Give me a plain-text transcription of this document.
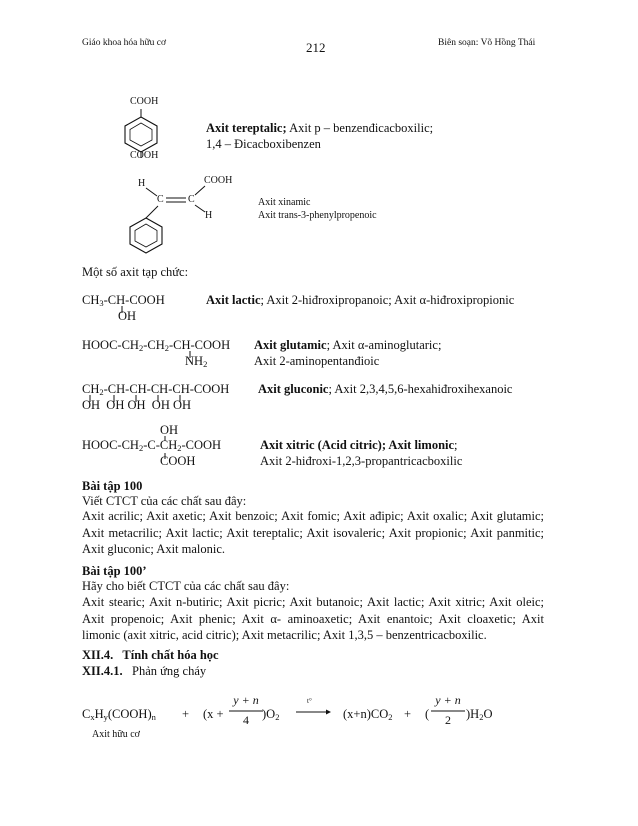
Giáo khoa hóa hữu cơ	212	Biên soạn: Võ Hồng Thái
COOH
COOH
Axit tereptalic; Axit p – benzenđicacboxilic;
1,4 – Đicacboxibenzen
H	COOH
C C
H
Axit xinamic
Axit trans-3-phenylpropenoic
Một số axit tạp chức:
$CH_3-CH$-COOH
OH
Axit lactic; Axit 2-hiđroxipropanoic; Axit α-hiđroxipropionic
HOOC-$CH_2-CH_2-CH$-COOH
$NH_2$
Axit glutamic; Axit α-aminoglutaric;
Axit 2-aminopentanđioic
$CH_2-CH-CH-CH-CH$-COOH
OH  OH OH  OH OH
Axit gluconic; Axit 2,3,4,5,6-hexahiđroxihexanoic
OH
HOOC-$CH_2-C-CH_2$-COOH
COOH
Axit xitric (Acid citric); Axit limonic;
Axit 2-hiđroxi-1,2,3-propantricacboxilic
Bài tập 100
Viết CTCT của các chất sau đây:
Axit acrilic; Axit axetic; Axit benzoic; Axit fomic; Axit ađipic; Axit oxalic; Axit glutamic; Axit metacrilic; Axit lactic; Axit tereptalic; Axit isovaleric; Axit propionic; Axit panmitic; Axit gluconic; Axit malonic.
Bài tập 100’
Hãy cho biết CTCT của các chất sau đây:
Axit stearic; Axit n-butiric; Axit picric; Axit butanoic; Axit lactic; Axit xitric; Axit oleic; Axit propenoic; Axit phenic; Axit α- aminoaxetic; Axit enantoic; Axit cloaxetic; Axit limonic (axit xitric, acid citric); Axit metacrilic; Axit 1,3,5 – benzentricacboxilic.
XII.4.   Tính chất hóa học
XII.4.1. Phản ứng cháy
$C_xH_y(COOH)_n + (x$ +
y + n
4	)$O_2$
t°
$(x+n)CO_2$ + (
y + n
2	)$H_2O$
Axit hữu cơ
